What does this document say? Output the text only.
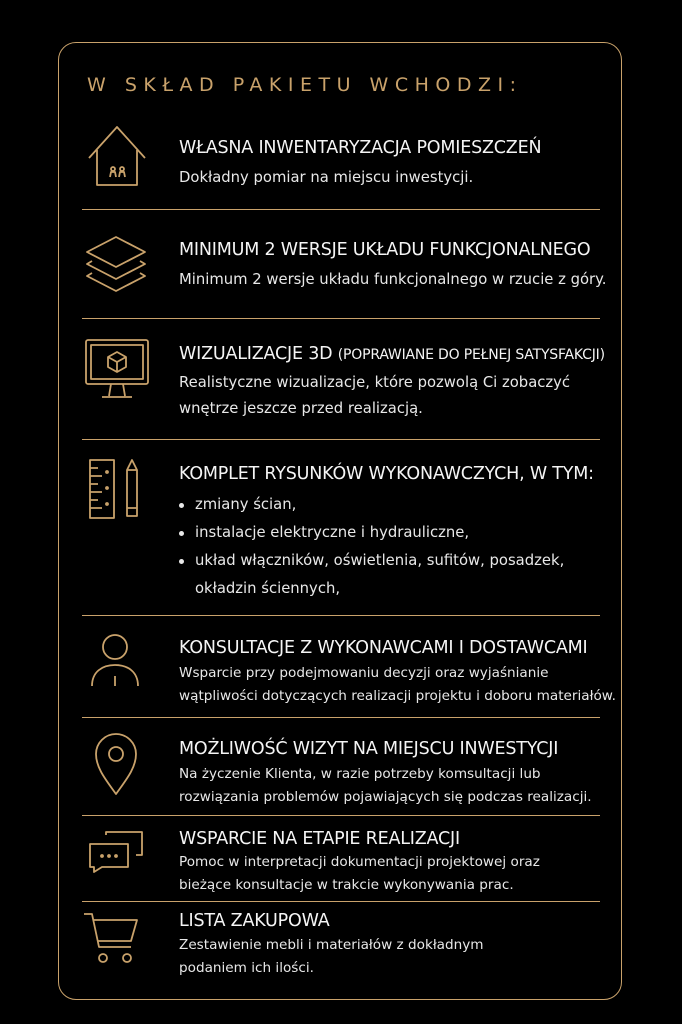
W SKŁAD PAKIETU WCHODZI:
WŁASNA INWENTARYZACJA POMIESZCZEŃ
Dokładny pomiar na miejscu inwestycji.
MINIMUM 2 WERSJE UKŁADU FUNKCJONALNEGO
Minimum 2 wersje układu funkcjonalnego w rzucie z góry.
WIZUALIZACJE 3D (POPRAWIANE DO PEŁNEJ SATYSFAKCJI)
Realistyczne wizualizacje, które pozwolą Ci zobaczyć
wnętrze jeszcze przed realizacją.
KOMPLET RYSUNKÓW WYKONAWCZYCH, W TYM:
zmiany ścian,
instalacje elektryczne i hydrauliczne,
układ włączników, oświetlenia, sufitów, posadzek,
okładzin ściennych,
KONSULTACJE Z WYKONAWCAMI I DOSTAWCAMI
Wsparcie przy podejmowaniu decyzji oraz wyjaśnianie
wątpliwości dotyczących realizacji projektu i doboru materiałów.
MOŻLIWOŚĆ WIZYT NA MIEJSCU INWESTYCJI
Na życzenie Klienta, w razie potrzeby komsultacji lub
rozwiązania problemów pojawiających się podczas realizacji.
WSPARCIE NA ETAPIE REALIZACJI
Pomoc w interpretacji dokumentacji projektowej oraz
bieżące konsultacje w trakcie wykonywania prac.
LISTA ZAKUPOWA
Zestawienie mebli i materiałów z dokładnym
podaniem ich ilości.
